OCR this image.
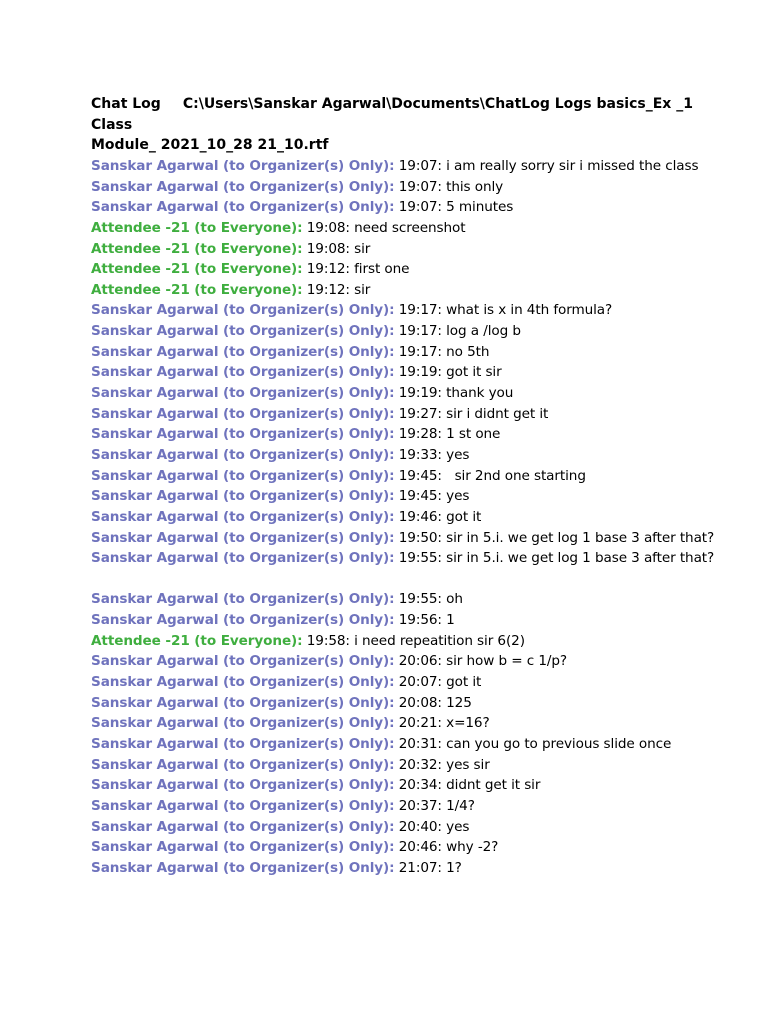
Chat Log C:\Users\Sanskar Agarwal\Documents\ChatLog Logs basics_Ex _1 Class
Module_ 2021_10_28 21_10.rtf
Sanskar Agarwal (to Organizer(s) Only): 19:07: i am really sorry sir i missed the class
Sanskar Agarwal (to Organizer(s) Only): 19:07: this only
Sanskar Agarwal (to Organizer(s) Only): 19:07: 5 minutes
Attendee -21 (to Everyone): 19:08: need screenshot
Attendee -21 (to Everyone): 19:08: sir
Attendee -21 (to Everyone): 19:12: first one
Attendee -21 (to Everyone): 19:12: sir
Sanskar Agarwal (to Organizer(s) Only): 19:17: what is x in 4th formula?
Sanskar Agarwal (to Organizer(s) Only): 19:17: log a /log b
Sanskar Agarwal (to Organizer(s) Only): 19:17: no 5th
Sanskar Agarwal (to Organizer(s) Only): 19:19: got it sir
Sanskar Agarwal (to Organizer(s) Only): 19:19: thank you
Sanskar Agarwal (to Organizer(s) Only): 19:27: sir i didnt get it
Sanskar Agarwal (to Organizer(s) Only): 19:28: 1 st one
Sanskar Agarwal (to Organizer(s) Only): 19:33: yes
Sanskar Agarwal (to Organizer(s) Only): 19:45:   sir 2nd one starting
Sanskar Agarwal (to Organizer(s) Only): 19:45: yes
Sanskar Agarwal (to Organizer(s) Only): 19:46: got it
Sanskar Agarwal (to Organizer(s) Only): 19:50: sir in 5.i. we get log 1 base 3 after that?
Sanskar Agarwal (to Organizer(s) Only): 19:55: sir in 5.i. we get log 1 base 3 after that?
Sanskar Agarwal (to Organizer(s) Only): 19:55: oh
Sanskar Agarwal (to Organizer(s) Only): 19:56: 1
Attendee -21 (to Everyone): 19:58: i need repeatition sir 6(2)
Sanskar Agarwal (to Organizer(s) Only): 20:06: sir how b = c 1/p?
Sanskar Agarwal (to Organizer(s) Only): 20:07: got it
Sanskar Agarwal (to Organizer(s) Only): 20:08: 125
Sanskar Agarwal (to Organizer(s) Only): 20:21: x=16?
Sanskar Agarwal (to Organizer(s) Only): 20:31: can you go to previous slide once
Sanskar Agarwal (to Organizer(s) Only): 20:32: yes sir
Sanskar Agarwal (to Organizer(s) Only): 20:34: didnt get it sir
Sanskar Agarwal (to Organizer(s) Only): 20:37: 1/4?
Sanskar Agarwal (to Organizer(s) Only): 20:40: yes
Sanskar Agarwal (to Organizer(s) Only): 20:46: why -2?
Sanskar Agarwal (to Organizer(s) Only): 21:07: 1?
